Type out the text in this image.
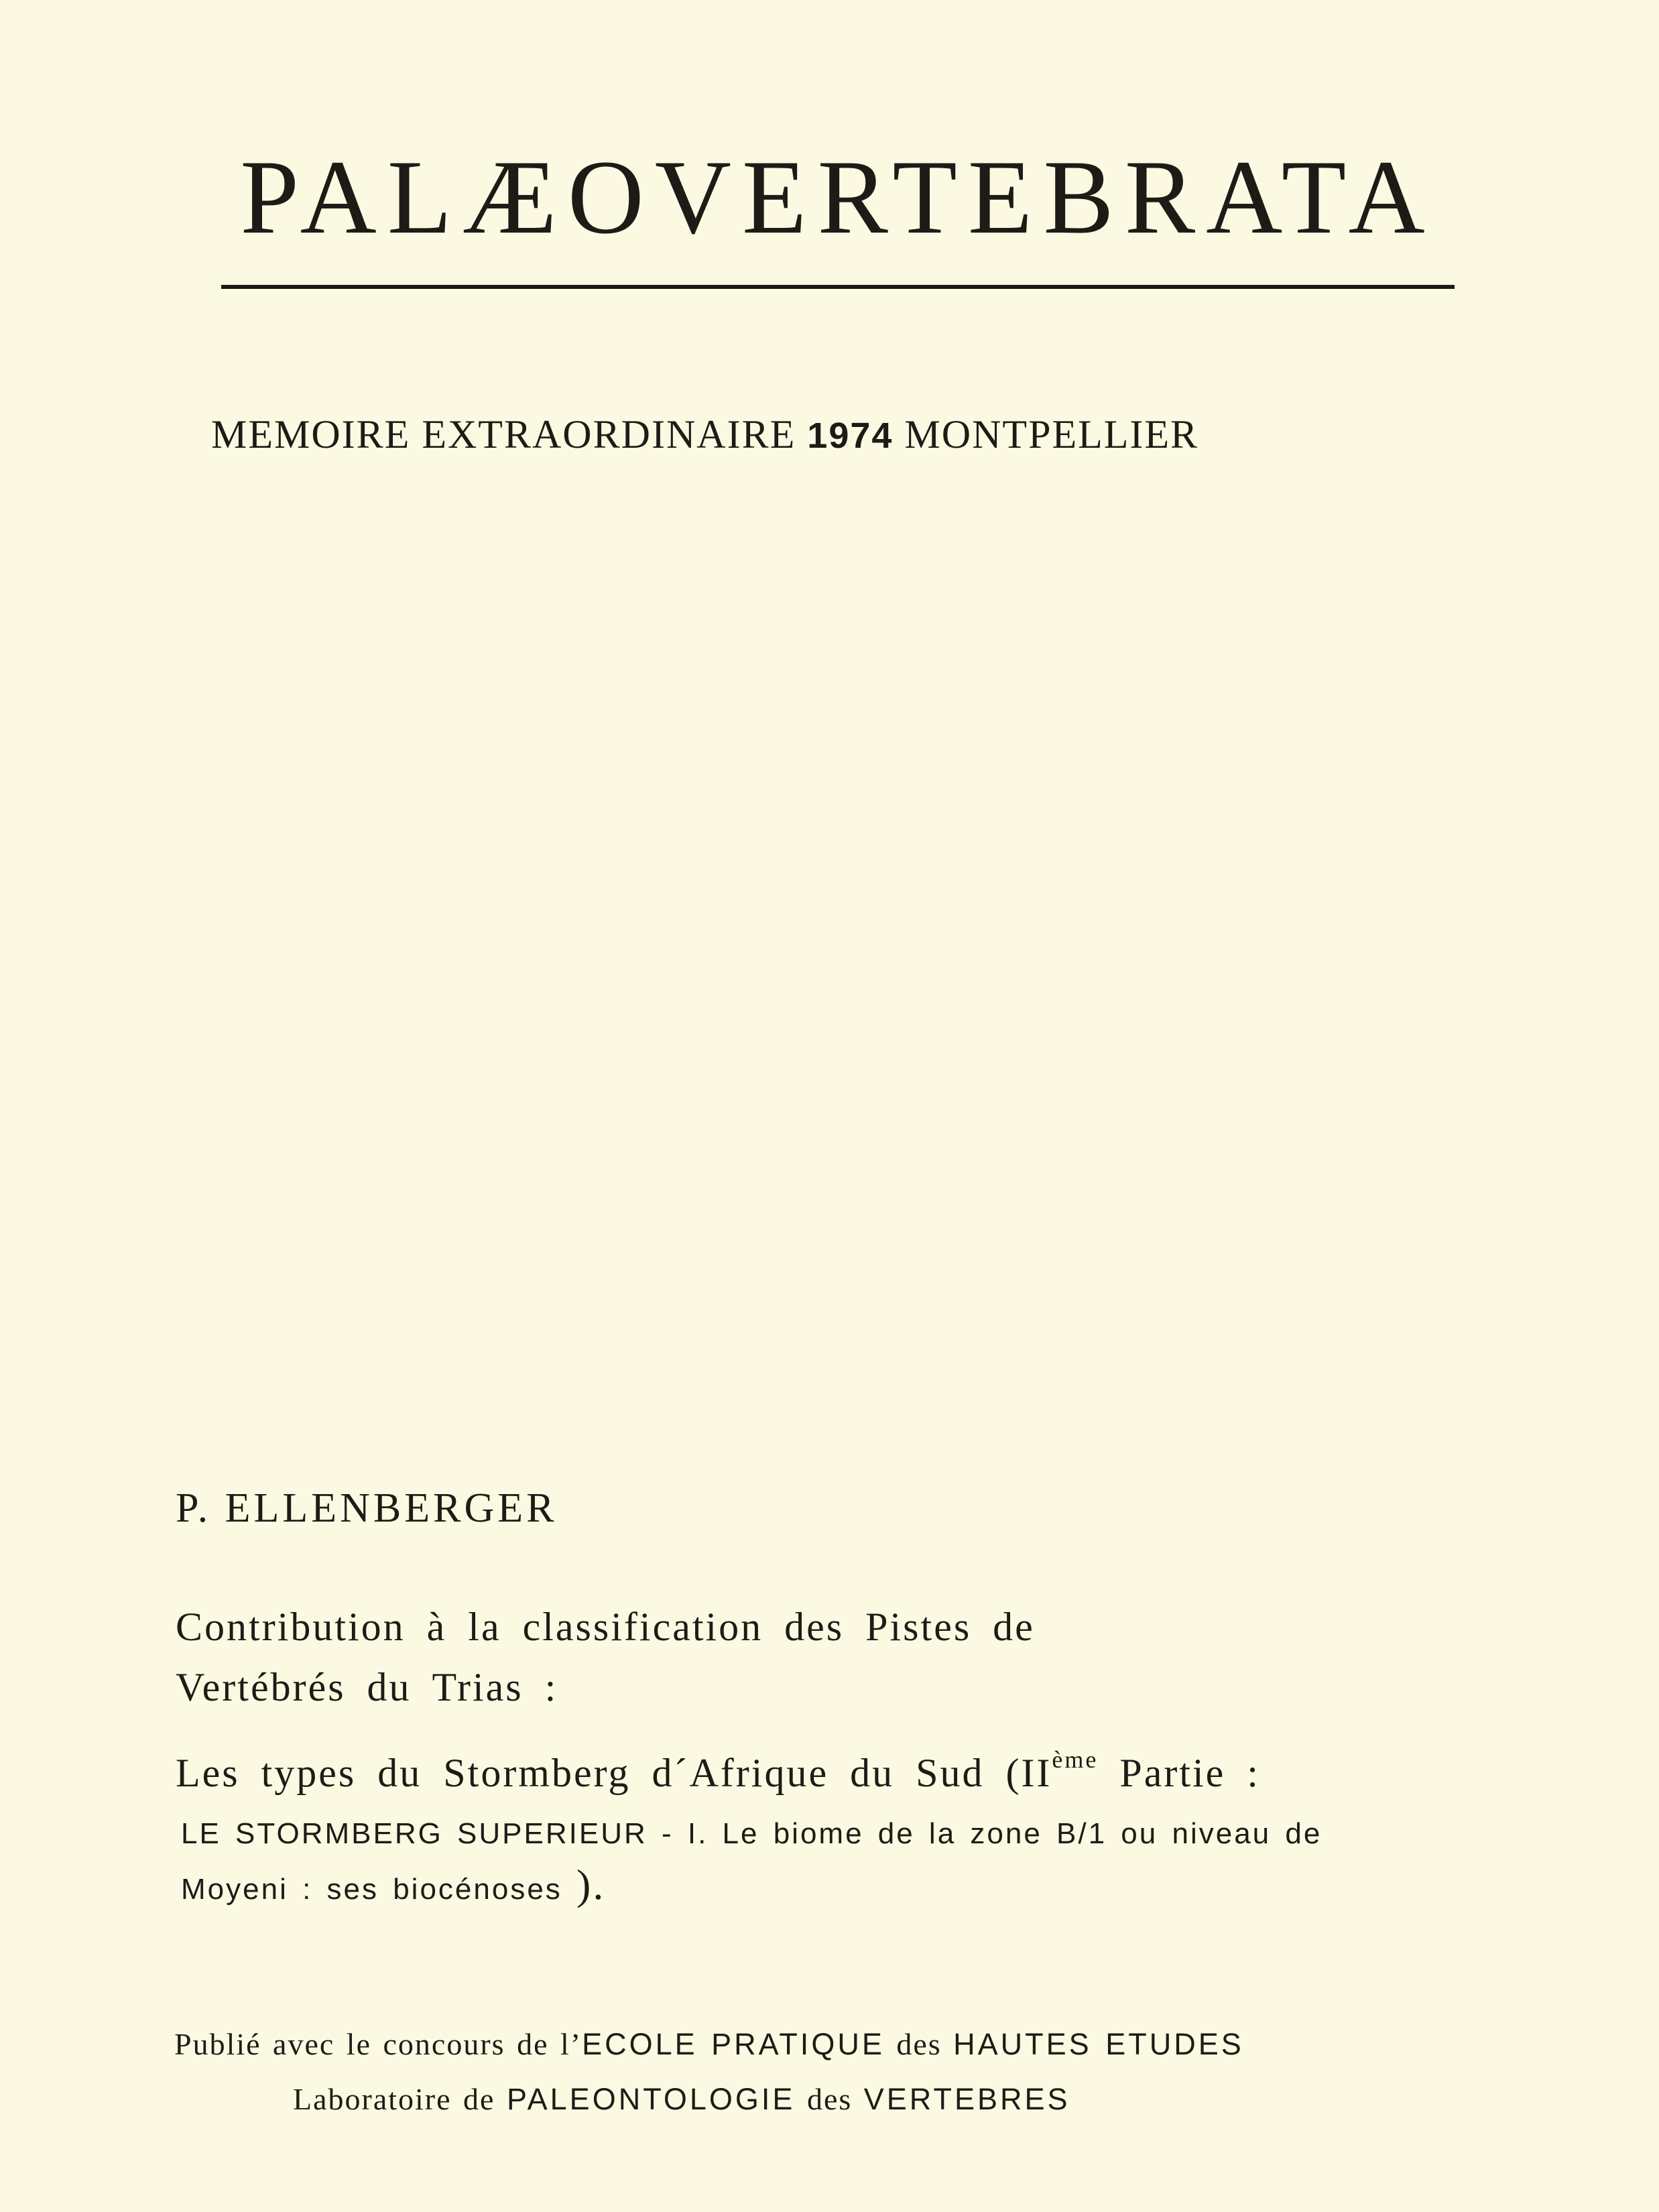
PALÆOVERTEBRATA
MEMOIRE EXTRAORDINAIRE 1974 MONTPELLIER
P. ELLENBERGER

Contribution à la classification des Pistes de
Vertébrés du Trias :

Les types du Stormberg d´Afrique du Sud (IIème Partie :
LE STORMBERG SUPERIEUR - I. Le biome de la zone B/1 ou niveau de
Moyeni : ses biocénoses ).
Publié avec le concours de l’ECOLE PRATIQUE des HAUTES ETUDES
Laboratoire de PALEONTOLOGIE des VERTEBRES
